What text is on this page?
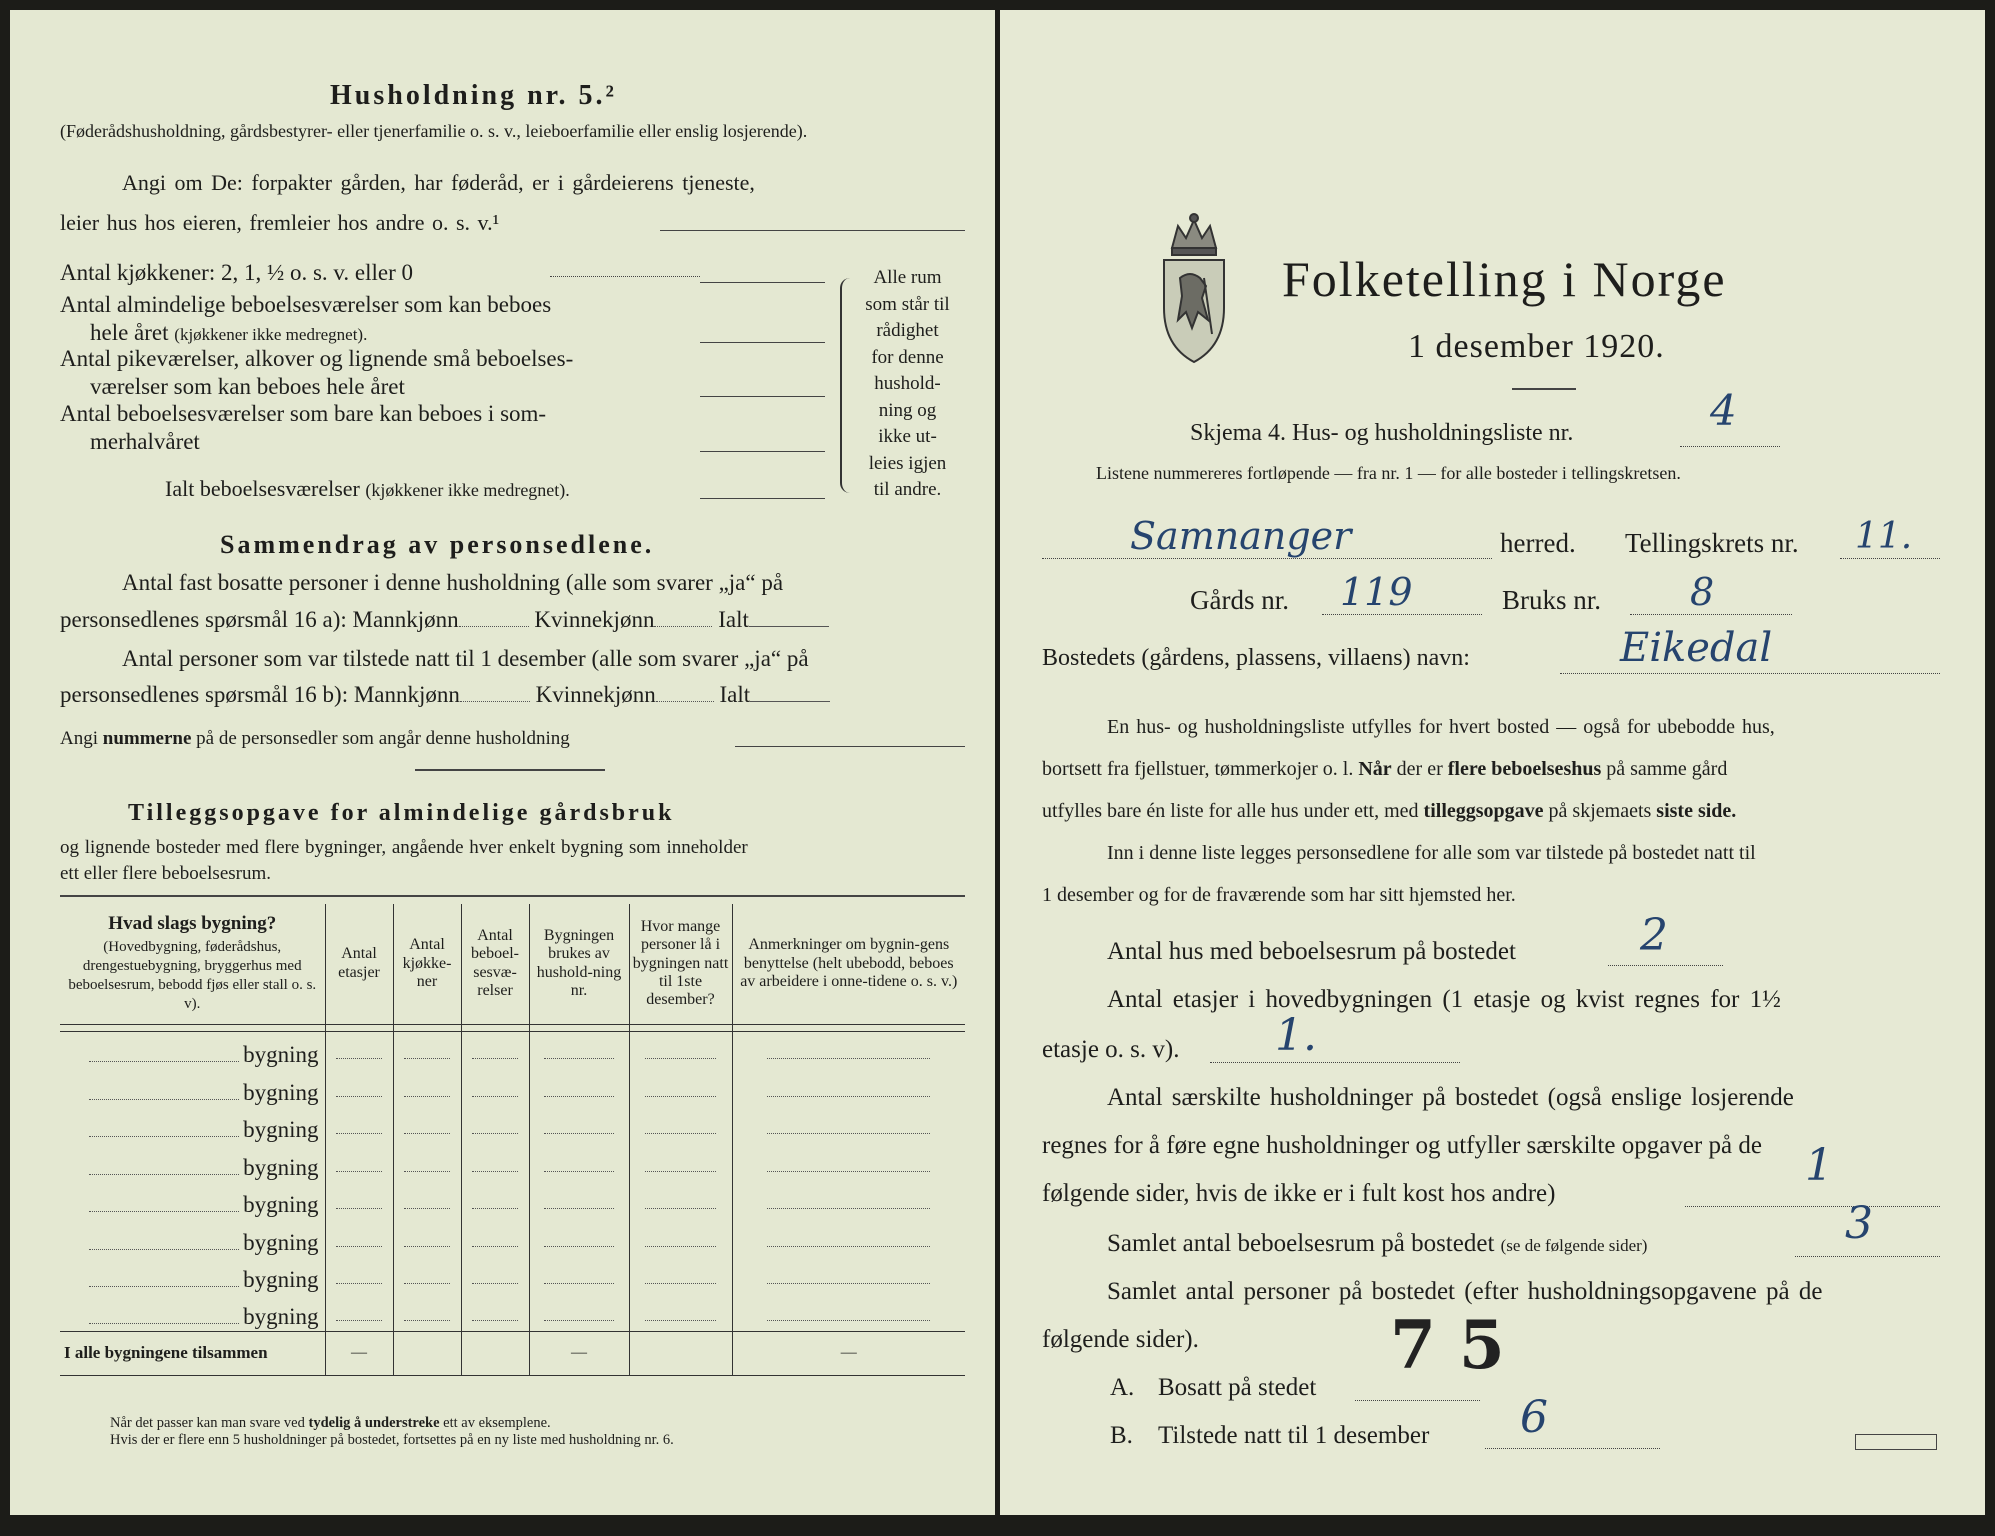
Husholdning nr. 5.²
(Føderådshusholdning, gårdsbestyrer- eller tjenerfamilie o. s. v., leieboerfamilie eller enslig losjerende).
Angi om De: forpakter gården, har føderåd, er i gårdeierens tjeneste,
leier hus hos eieren, fremleier hos andre o. s. v.¹
Antal kjøkkener: 2, 1, ½ o. s. v. eller 0
Antal almindelige beboelsesværelser som kan beboes
hele året (kjøkkener ikke medregnet).
Antal pikeværelser, alkover og lignende små beboelses-
værelser som kan beboes hele året
Antal beboelsesværelser som bare kan beboes i som-
merhalvåret
Ialt beboelsesværelser (kjøkkener ikke medregnet).
Alle rum
som står til
rådighet
for denne
hushold-
ning og
ikke ut-
leies igjen
til andre.
Sammendrag av personsedlene.
Antal fast bosatte personer i denne husholdning (alle som svarer „ja“ på
personsedlenes spørsmål 16 a): Mannkjønn	Kvinnekjønn	Ialt
Antal personer som var tilstede natt til 1 desember (alle som svarer „ja“ på
personsedlenes spørsmål 16 b): Mannkjønn	Kvinnekjønn	Ialt
Angi nummerne på de personsedler som angår denne husholdning
Tilleggsopgave for almindelige gårdsbruk
og lignende bosteder med flere bygninger, angående hver enkelt bygning som inneholder
ett eller flere beboelsesrum.
Hvad slags bygning?
(Hovedbygning, føderådshus, drengestuebygning, bryggerhus med beboelsesrum, bebodd fjøs eller stall o. s. v).	Antal etasjer	Antal kjøkke-ner	Antal beboel-sesvæ-relser	Bygningen brukes av hushold-ning nr.	Hvor mange personer lå i bygningen natt til 1ste desember?	Anmerkninger om bygnin-gens benyttelse (helt ubebodd, beboes av arbeidere i onne-tidene o. s. v.)

bygning						
bygning						
bygning						
bygning						
bygning						
bygning						
bygning						
bygning						
I alle bygningene tilsammen	—			—		—
Når det passer kan man svare ved tydelig å understreke ett av eksemplene.
Hvis der er flere enn 5 husholdninger på bostedet, fortsettes på en ny liste med husholdning nr. 6.
Folketelling i Norge
1 desember 1920.
Skjema 4. Hus- og husholdningsliste nr.	4
Listene nummereres fortløpende — fra nr. 1 — for alle bosteder i tellingskretsen.
Samnanger	herred. Tellingskrets nr. 11.
Gårds nr. 119	Bruks nr. 8
Bostedets (gårdens, plassens, villaens) navn:	Eikedal
En hus- og husholdningsliste utfylles for hvert bosted — også for ubebodde hus,
bortsett fra fjellstuer, tømmerkojer o. l. Når der er flere beboelseshus på samme gård
utfylles bare én liste for alle hus under ett, med tilleggsopgave på skjemaets siste side.
Inn i denne liste legges personsedlene for alle som var tilstede på bostedet natt til
1 desember og for de fraværende som har sitt hjemsted her.
Antal hus med beboelsesrum på bostedet	2
Antal etasjer i hovedbygningen (1 etasje og kvist regnes for 1½
etasje o. s. v). 1.
Antal særskilte husholdninger på bostedet (også enslige losjerende
regnes for å føre egne husholdninger og utfyller særskilte opgaver på de
følgende sider, hvis de ikke er i fult kost hos andre)
1
Samlet antal beboelsesrum på bostedet (se de følgende sider)	3
Samlet antal personer på bostedet (efter husholdningsopgavene på de
følgende sider).
A. Bosatt på stedet
7 5
B. Tilstede natt til 1 desember 6
